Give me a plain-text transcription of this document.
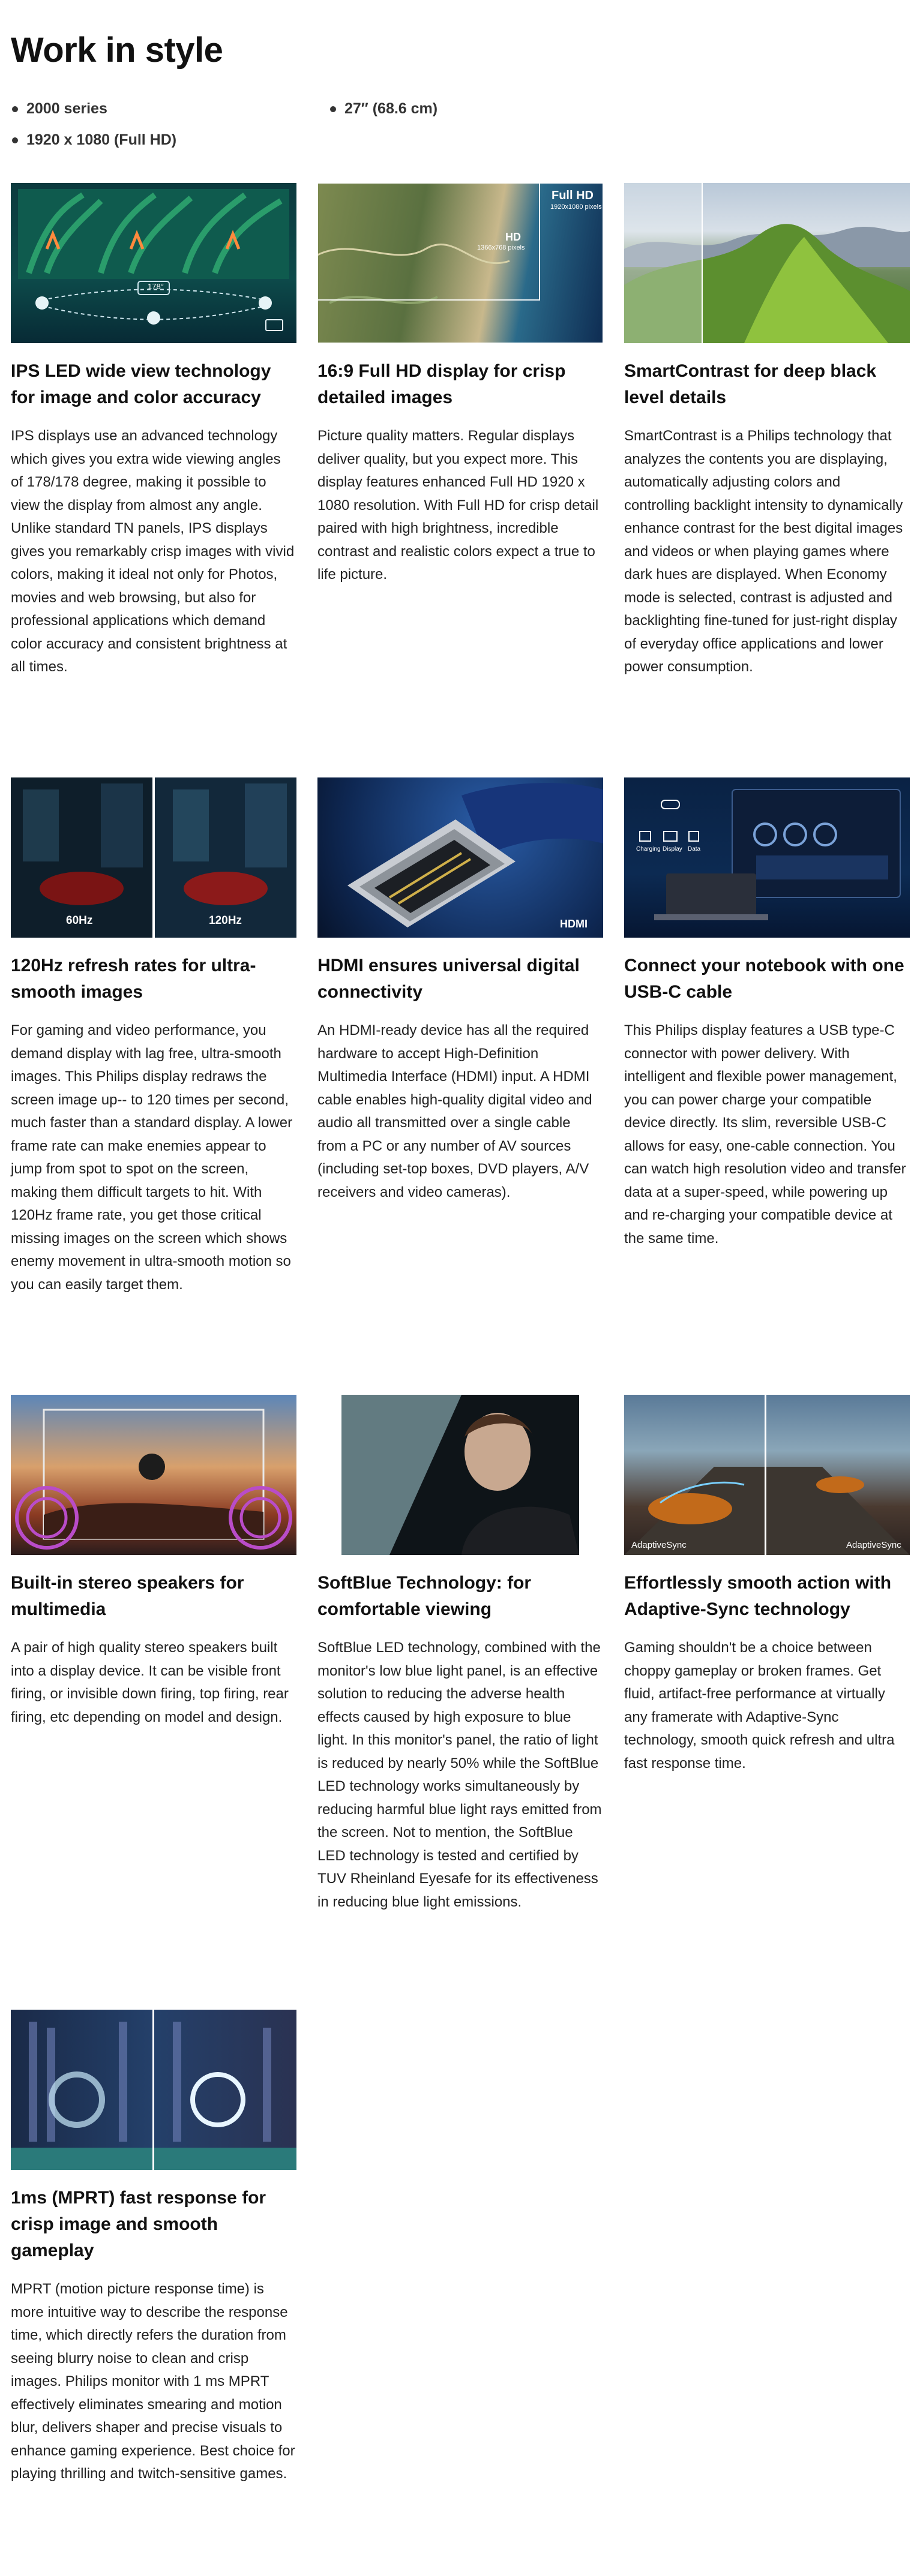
Work in style
2000 series	27″ (68.6 cm)
1920 x 1080 (Full HD)
178°
IPS LED wide view technology for image and color accuracy

IPS displays use an advanced technology which gives you extra wide viewing angles of 178/178 degree, making it possible to view the display from almost any angle. Unlike standard TN panels, IPS displays gives you remarkably crisp images with vivid colors, making it ideal not only for Photos, movies and web browsing, but also for professional applications which demand color accuracy and consistent brightness at all times.

Full HD
1920x1080 pixels
HD
1366x768 pixels
16:9 Full HD display for crisp detailed images

Picture quality matters. Regular displays deliver quality, but you expect more. This display features enhanced Full HD 1920 x 1080 resolution. With Full HD for crisp detail paired with high brightness, incredible contrast and realistic colors expect a true to life picture.

SmartContrast for deep black level details

SmartContrast is a Philips technology that analyzes the contents you are displaying, automatically adjusting colors and controlling backlight intensity to dynamically enhance contrast for the best digital images and videos or when playing games where dark hues are displayed. When Economy mode is selected, contrast is adjusted and backlighting fine-tuned for just-right display of everyday office applications and lower power consumption.

60Hz	120Hz
120Hz refresh rates for ultra-smooth images

For gaming and video performance, you demand display with lag free, ultra-smooth images. This Philips display redraws the screen image up-- to 120 times per second, much faster than a standard display. A lower frame rate can make enemies appear to jump from spot to spot on the screen, making them difficult targets to hit. With 120Hz frame rate, you get those critical missing images on the screen which shows enemy movement in ultra-smooth motion so you can easily target them.

HDMI
HDMI ensures universal digital connectivity

An HDMI-ready device has all the required hardware to accept High-Definition Multimedia Interface (HDMI) input. A HDMI cable enables high-quality digital video and audio all transmitted over a single cable from a PC or any number of AV sources (including set-top boxes, DVD players, A/V receivers and video cameras).

Charging Display Data
Connect your notebook with one USB-C cable

This Philips display features a USB type-C connector with power delivery. With intelligent and flexible power management, you can power charge your compatible device directly. Its slim, reversible USB-C allows for easy, one-cable connection. You can watch high resolution video and transfer data at a super-speed, while powering up and re-charging your compatible device at the same time.

Built-in stereo speakers for multimedia

A pair of high quality stereo speakers built into a display device. It can be visible front firing, or invisible down firing, top firing, rear firing, etc depending on model and design.

SoftBlue Technology: for comfortable viewing

SoftBlue LED technology, combined with the monitor's low blue light panel, is an effective solution to reducing the adverse health effects caused by high exposure to blue light. In this monitor's panel, the ratio of light is reduced by nearly 50% while the SoftBlue LED technology works simultaneously by reducing harmful blue light rays emitted from the screen. Not to mention, the SoftBlue LED technology is tested and certified by TUV Rheinland Eyesafe for its effectiveness in reducing blue light emissions.

AdaptiveSync	AdaptiveSync
Effortlessly smooth action with Adaptive-Sync technology

Gaming shouldn't be a choice between choppy gameplay or broken frames. Get fluid, artifact-free performance at virtually any framerate with Adaptive-Sync technology, smooth quick refresh and ultra fast response time.

1ms (MPRT) fast response for crisp image and smooth gameplay

MPRT (motion picture response time) is more intuitive way to describe the response time, which directly refers the duration from seeing blurry noise to clean and crisp images. Philips monitor with 1 ms MPRT effectively eliminates smearing and motion blur, delivers shaper and precise visuals to enhance gaming experience. Best choice for playing thrilling and twitch-sensitive games.
